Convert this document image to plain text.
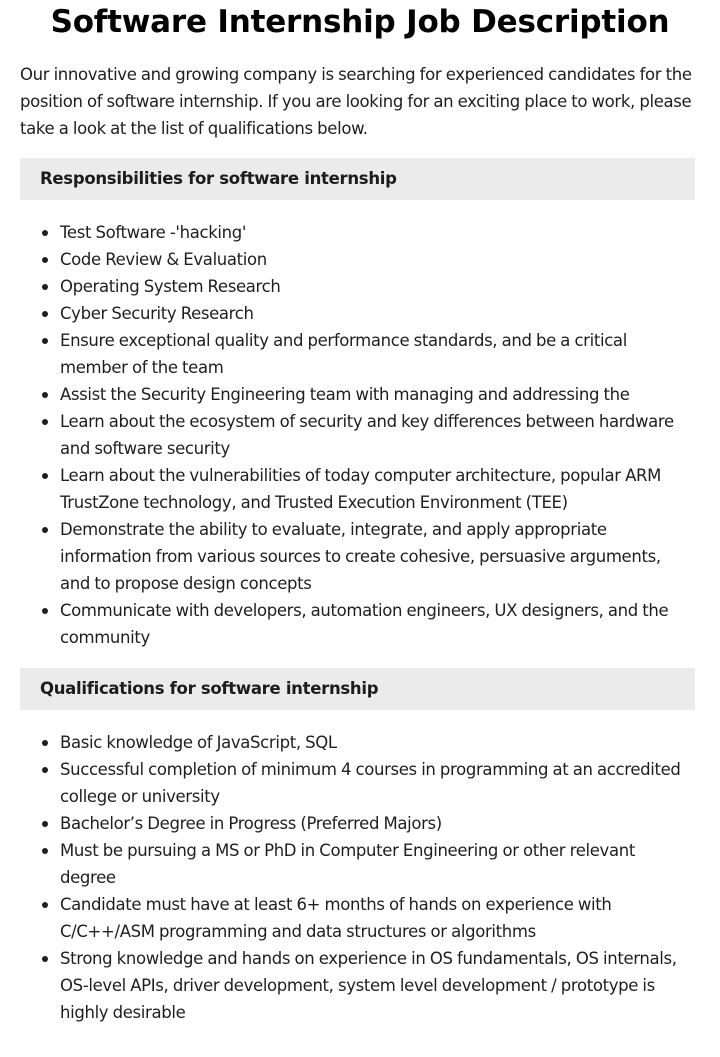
Software Internship Job Description

Our innovative and growing company is searching for experienced candidates for the position of software internship. If you are looking for an exciting place to work, please take a look at the list of qualifications below.

Responsibilities for software internship
Test Software -'hacking'
Code Review & Evaluation
Operating System Research
Cyber Security Research
Ensure exceptional quality and performance standards, and be a critical member of the team
Assist the Security Engineering team with managing and addressing the
Learn about the ecosystem of security and key differences between hardware and software security
Learn about the vulnerabilities of today computer architecture, popular ARM TrustZone technology, and Trusted Execution Environment (TEE)
Demonstrate the ability to evaluate, integrate, and apply appropriate information from various sources to create cohesive, persuasive arguments, and to propose design concepts
Communicate with developers, automation engineers, UX designers, and the community
Qualifications for software internship
Basic knowledge of JavaScript, SQL
Successful completion of minimum 4 courses in programming at an accredited college or university
Bachelor’s Degree in Progress (Preferred Majors)
Must be pursuing a MS or PhD in Computer Engineering or other relevant degree
Candidate must have at least 6+ months of hands on experience with C/C++/ASM programming and data structures or algorithms
Strong knowledge and hands on experience in OS fundamentals, OS internals, OS-level APIs, driver development, system level development / prototype is highly desirable
